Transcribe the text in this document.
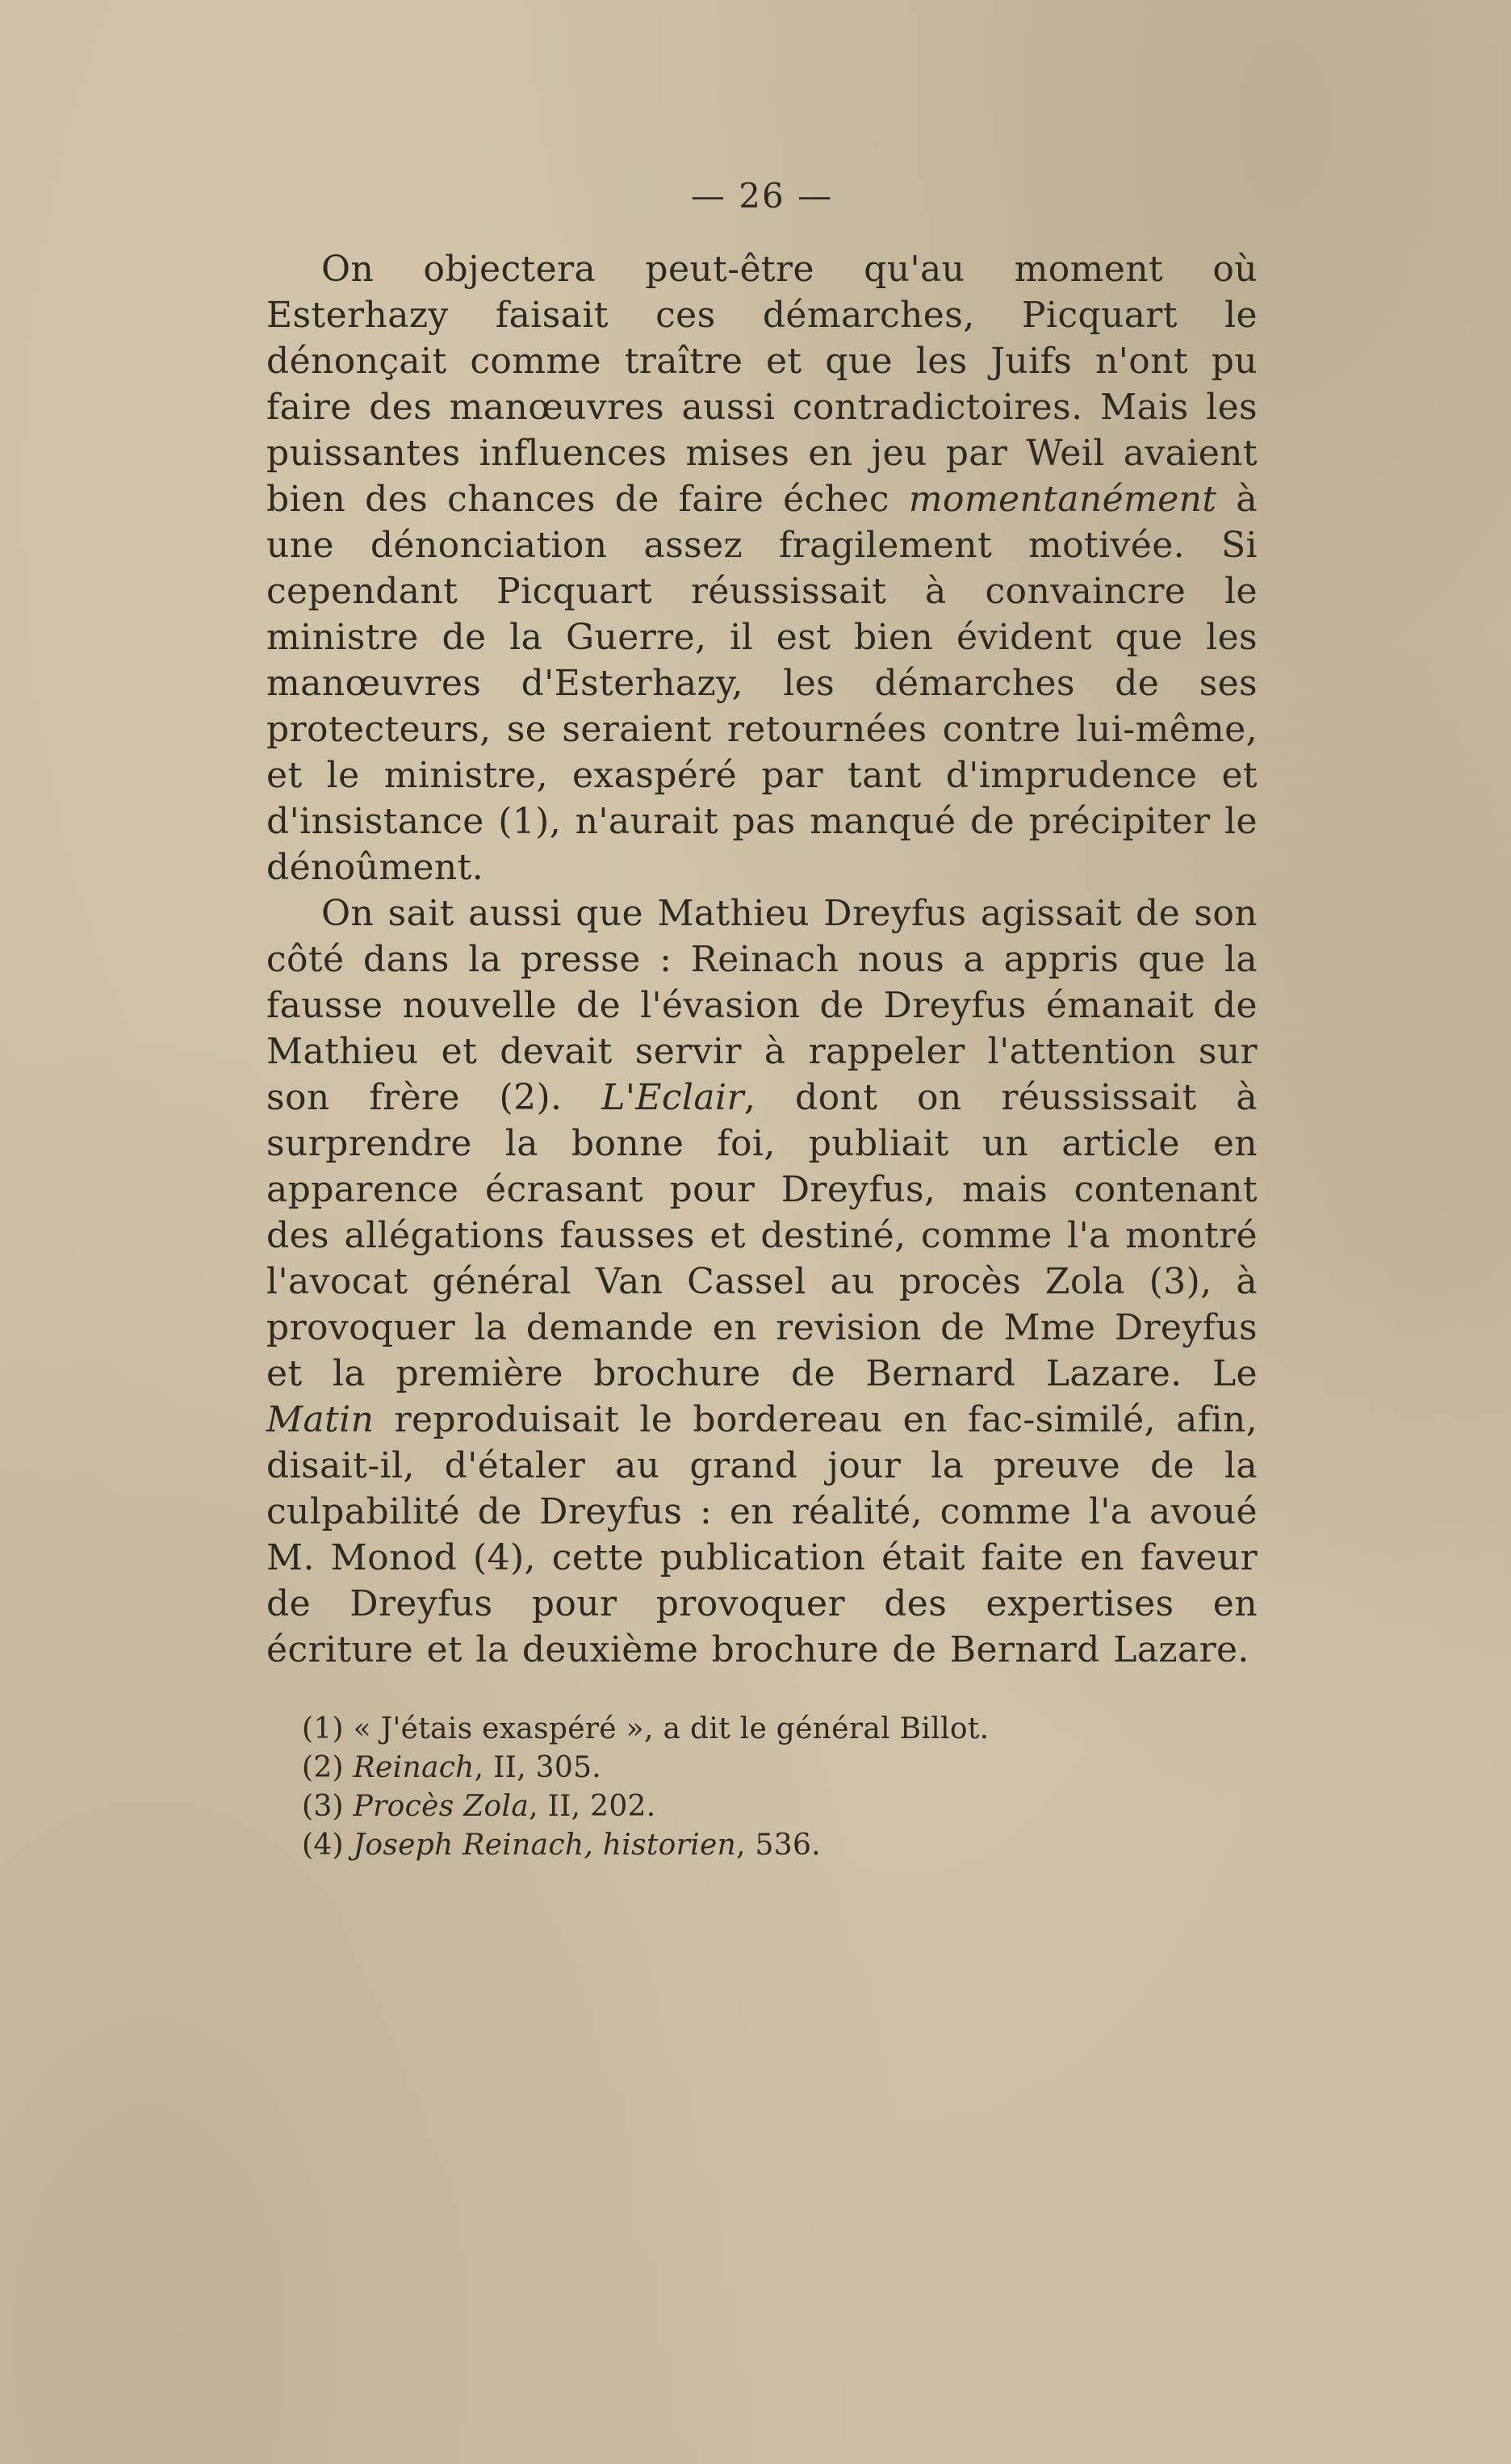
— 26 —

On objectera peut-être qu'au moment où Esterhazy faisait ces démarches, Picquart le dénonçait comme traître et que les Juifs n'ont pu faire des manœuvres aussi contradictoires. Mais les puissantes influences mises en jeu par Weil avaient bien des chances de faire échec momentanément à une dénonciation assez fragilement motivée. Si cependant Picquart réussissait à convaincre le ministre de la Guerre, il est bien évident que les manœuvres d'Esterhazy, les démarches de ses protecteurs, se seraient retournées contre lui-même, et le ministre, exaspéré par tant d'imprudence et d'insistance (1), n'aurait pas manqué de précipiter le dénoûment.

On sait aussi que Mathieu Dreyfus agissait de son côté dans la presse : Reinach nous a appris que la fausse nouvelle de l'évasion de Dreyfus émanait de Mathieu et devait servir à rappeler l'attention sur son frère (2). L'Eclair, dont on réussissait à surprendre la bonne foi, publiait un article en apparence écrasant pour Dreyfus, mais contenant des allégations fausses et destiné, comme l'a montré l'avocat général Van Cassel au procès Zola (3), à provoquer la demande en revision de Mme Dreyfus et la première brochure de Bernard Lazare. Le Matin reproduisait le bordereau en fac-similé, afin, disait-il, d'étaler au grand jour la preuve de la culpabilité de Dreyfus : en réalité, comme l'a avoué M. Monod (4), cette publication était faite en faveur de Dreyfus pour provoquer des expertises en écriture et la deuxième brochure de Bernard Lazare.

(1) « J'étais exaspéré », a dit le général Billot.

(2) Reinach, II, 305.

(3) Procès Zola, II, 202.

(4) Joseph Reinach, historien, 536.
